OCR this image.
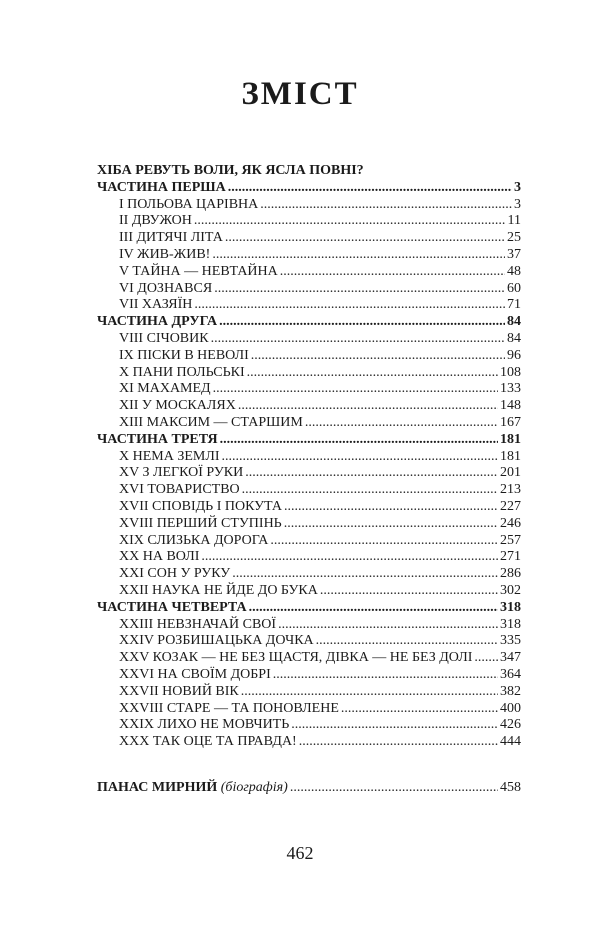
ЗМІСТ
ХІБА РЕВУТЬ ВОЛИ, ЯК ЯСЛА ПОВНІ?
ЧАСТИНА ПЕРША .....	3
I ПОЛЬОВА ЦАРІВНА .....	3
II ДВУЖОН .....	11
III ДИТЯЧІ ЛІТА .....	25
IV ЖИВ-ЖИВ! .....	37
V ТАЙНА — НЕВТАЙНА .....	48
VI ДОЗНАВСЯ .....	60
VII ХАЗЯЇН .....	71
ЧАСТИНА ДРУГА .....	84
VIII СІЧОВИК .....	84
IX ПІСКИ В НЕВОЛІ .....	96
X ПАНИ ПОЛЬСЬКІ .....	108
XI МАХАМЕД .....	133
XII У МОСКАЛЯХ .....	148
XIII МАКСИМ — СТАРШИМ .....	167
ЧАСТИНА ТРЕТЯ .....	181
X НЕМА ЗЕМЛІ .....	181
XV З ЛЕГКОЇ РУКИ .....	201
XVI ТОВАРИСТВО .....	213
XVII СПОВІДЬ І ПОКУТА .....	227
XVIII ПЕРШИЙ СТУПІНЬ .....	246
XIX СЛИЗЬКА ДОРОГА .....	257
XX НА ВОЛІ .....	271
XXI СОН У РУКУ .....	286
XXII НАУКА НЕ ЙДЕ ДО БУКА .....	302
ЧАСТИНА ЧЕТВЕРТА .....	318
XXIII НЕВЗНАЧАЙ СВОЇ .....	318
XXIV РОЗБИШАЦЬКА ДОЧКА .....	335
XXV КОЗАК — НЕ БЕЗ ЩАСТЯ, ДІВКА — НЕ БЕЗ ДОЛІ ..... 347
XXVI НА СВОЇМ ДОБРІ .....	364
XXVII НОВИЙ ВІК .....	382
XXVIII СТАРЕ — ТА ПОНОВЛЕНЕ .....	400
XXIX ЛИХО НЕ МОВЧИТЬ .....	426
XXX ТАК ОЦЕ ТА ПРАВДА! .....	444
ПАНАС МИРНИЙ (біографія) .....	458
462
